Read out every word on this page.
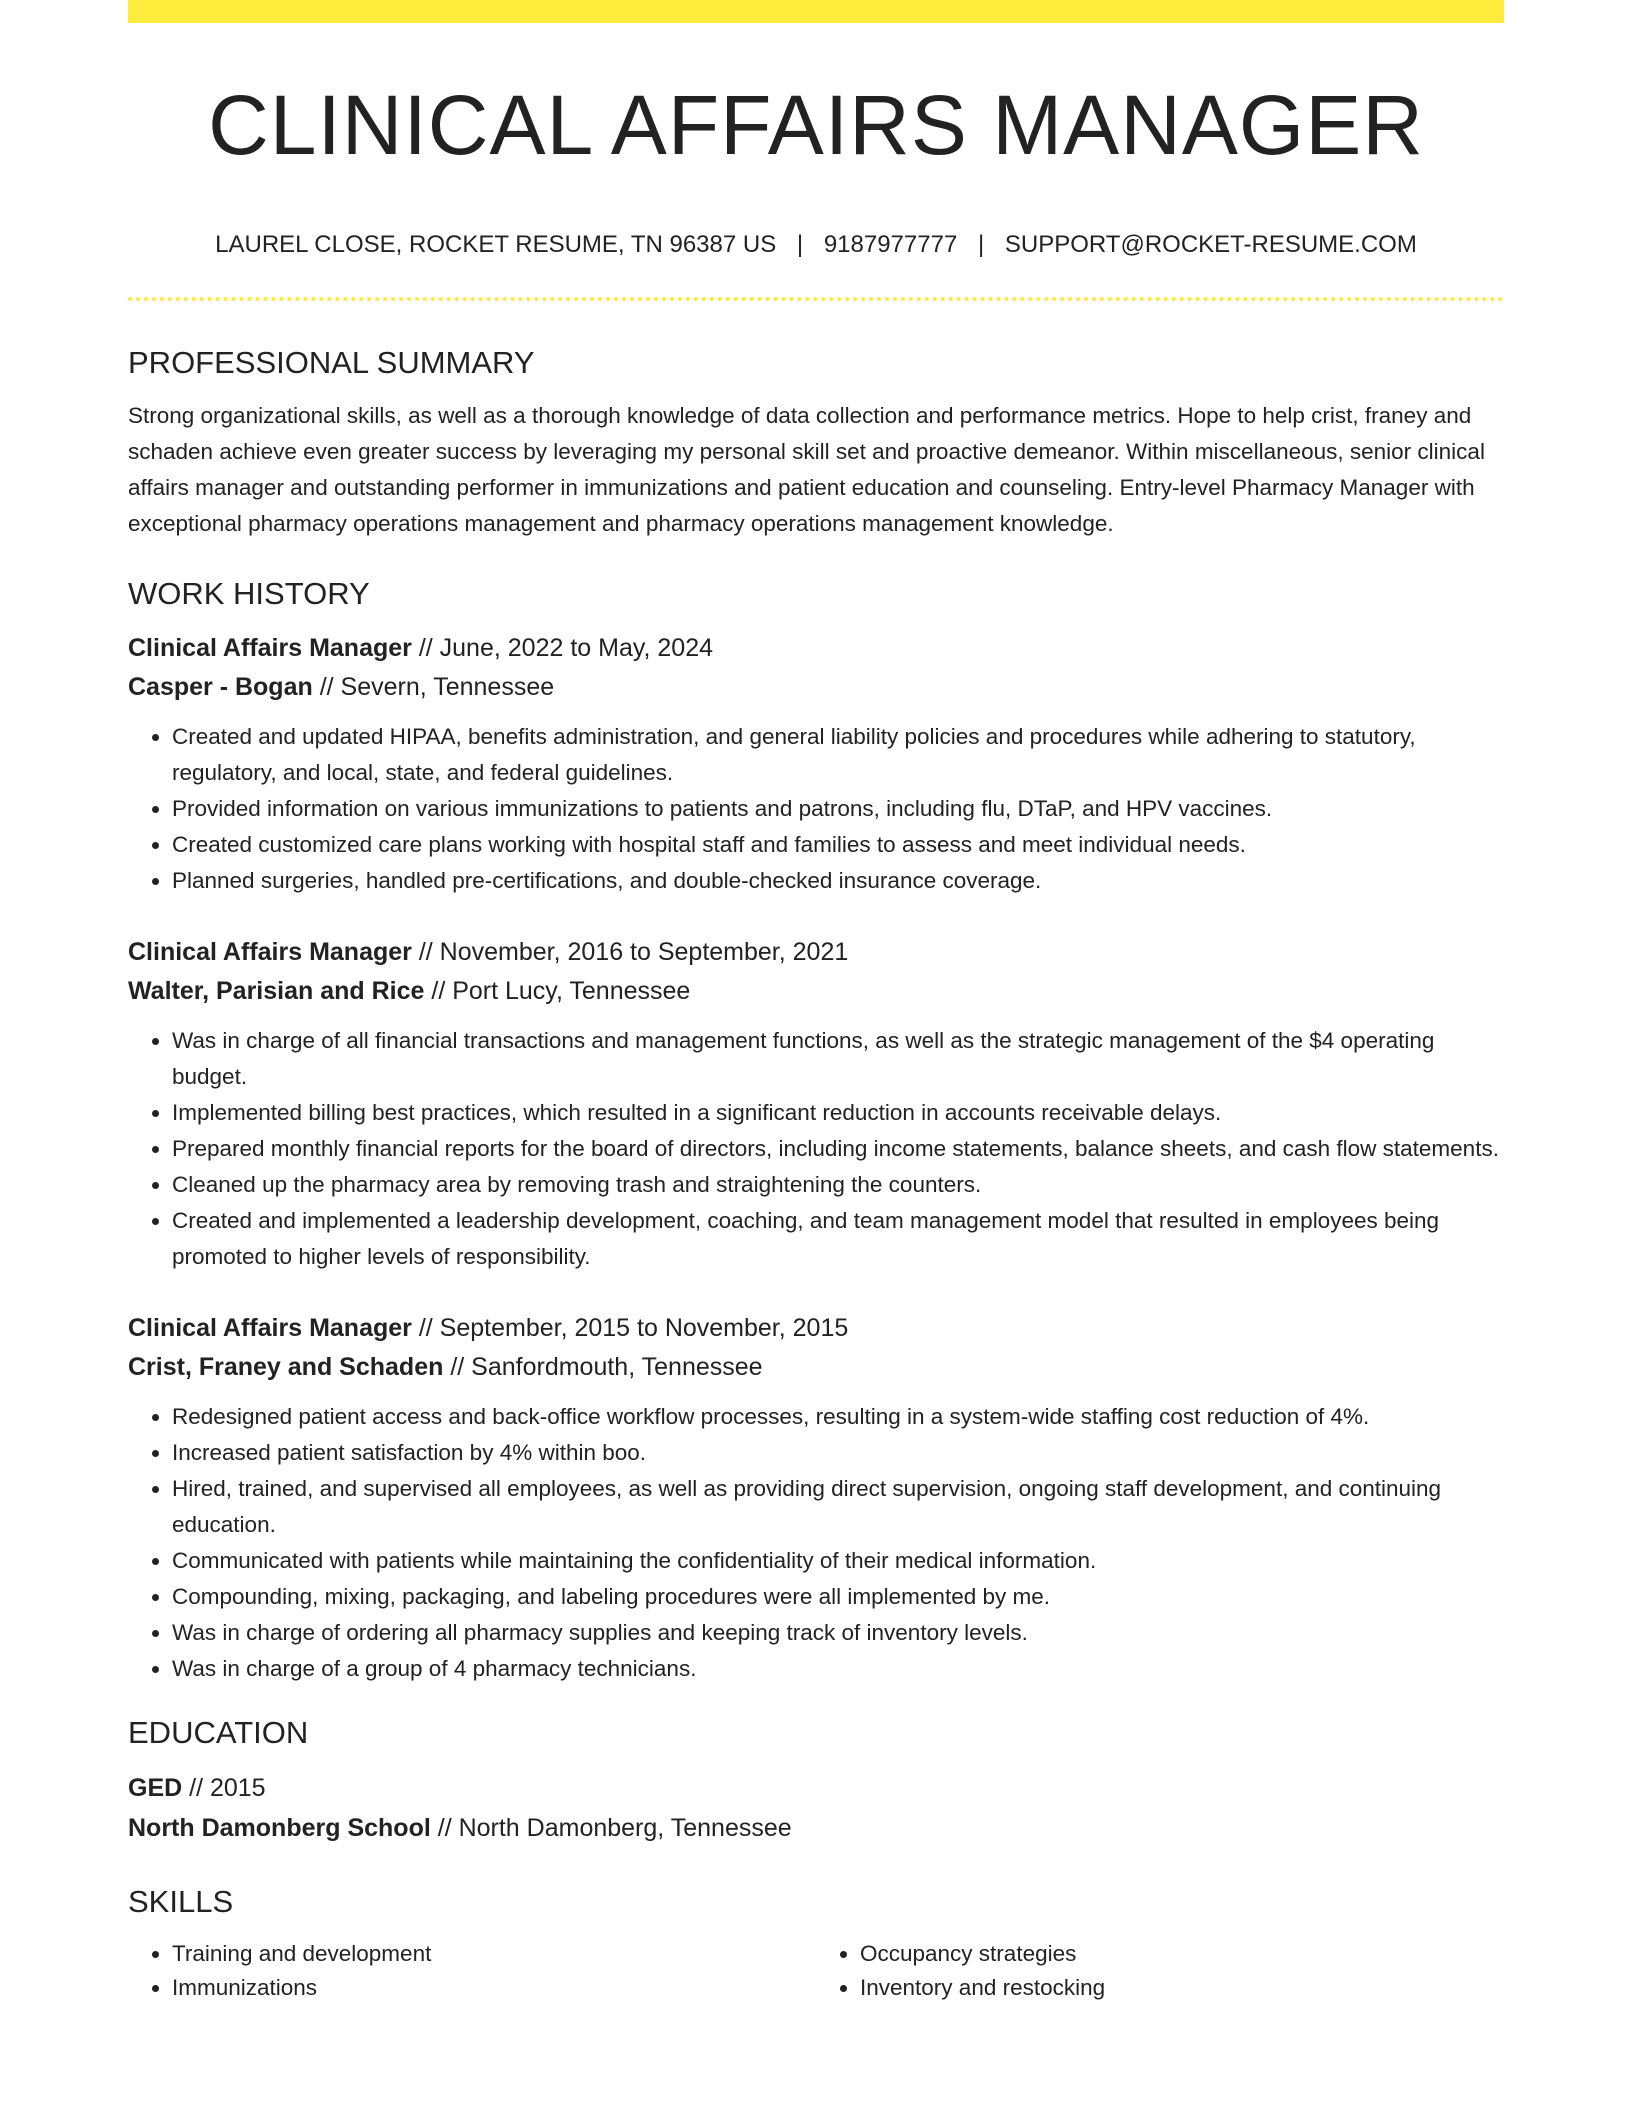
CLINICAL AFFAIRS MANAGER
LAUREL CLOSE, ROCKET RESUME, TN 96387 US | 9187977777 | SUPPORT@ROCKET-RESUME.COM
PROFESSIONAL SUMMARY

Strong organizational skills, as well as a thorough knowledge of data collection and performance metrics. Hope to help crist, franey and schaden achieve even greater success by leveraging my personal skill set and proactive demeanor. Within miscellaneous, senior clinical affairs manager and outstanding performer in immunizations and patient education and counseling. Entry-level Pharmacy Manager with exceptional pharmacy operations management and pharmacy operations management knowledge.

WORK HISTORY
Clinical Affairs Manager // June, 2022 to May, 2024
Casper - Bogan // Severn, Tennessee
• Created and updated HIPAA, benefits administration, and general liability policies and procedures while adhering to statutory, regulatory, and local, state, and federal guidelines.
• Provided information on various immunizations to patients and patrons, including flu, DTaP, and HPV vaccines.
• Created customized care plans working with hospital staff and families to assess and meet individual needs.
• Planned surgeries, handled pre-certifications, and double-checked insurance coverage.
Clinical Affairs Manager // November, 2016 to September, 2021
Walter, Parisian and Rice // Port Lucy, Tennessee
• Was in charge of all financial transactions and management functions, as well as the strategic management of the $4 operating budget.
• Implemented billing best practices, which resulted in a significant reduction in accounts receivable delays.
• Prepared monthly financial reports for the board of directors, including income statements, balance sheets, and cash flow statements.
• Cleaned up the pharmacy area by removing trash and straightening the counters.
• Created and implemented a leadership development, coaching, and team management model that resulted in employees being promoted to higher levels of responsibility.
Clinical Affairs Manager // September, 2015 to November, 2015
Crist, Franey and Schaden // Sanfordmouth, Tennessee
• Redesigned patient access and back-office workflow processes, resulting in a system-wide staffing cost reduction of 4%.
• Increased patient satisfaction by 4% within boo.
• Hired, trained, and supervised all employees, as well as providing direct supervision, ongoing staff development, and continuing education.
• Communicated with patients while maintaining the confidentiality of their medical information.
• Compounding, mixing, packaging, and labeling procedures were all implemented by me.
• Was in charge of ordering all pharmacy supplies and keeping track of inventory levels.
• Was in charge of a group of 4 pharmacy technicians.
EDUCATION
GED // 2015
North Damonberg School // North Damonberg, Tennessee
SKILLS
• Training and development
• Immunizations
• Occupancy strategies
• Inventory and restocking
